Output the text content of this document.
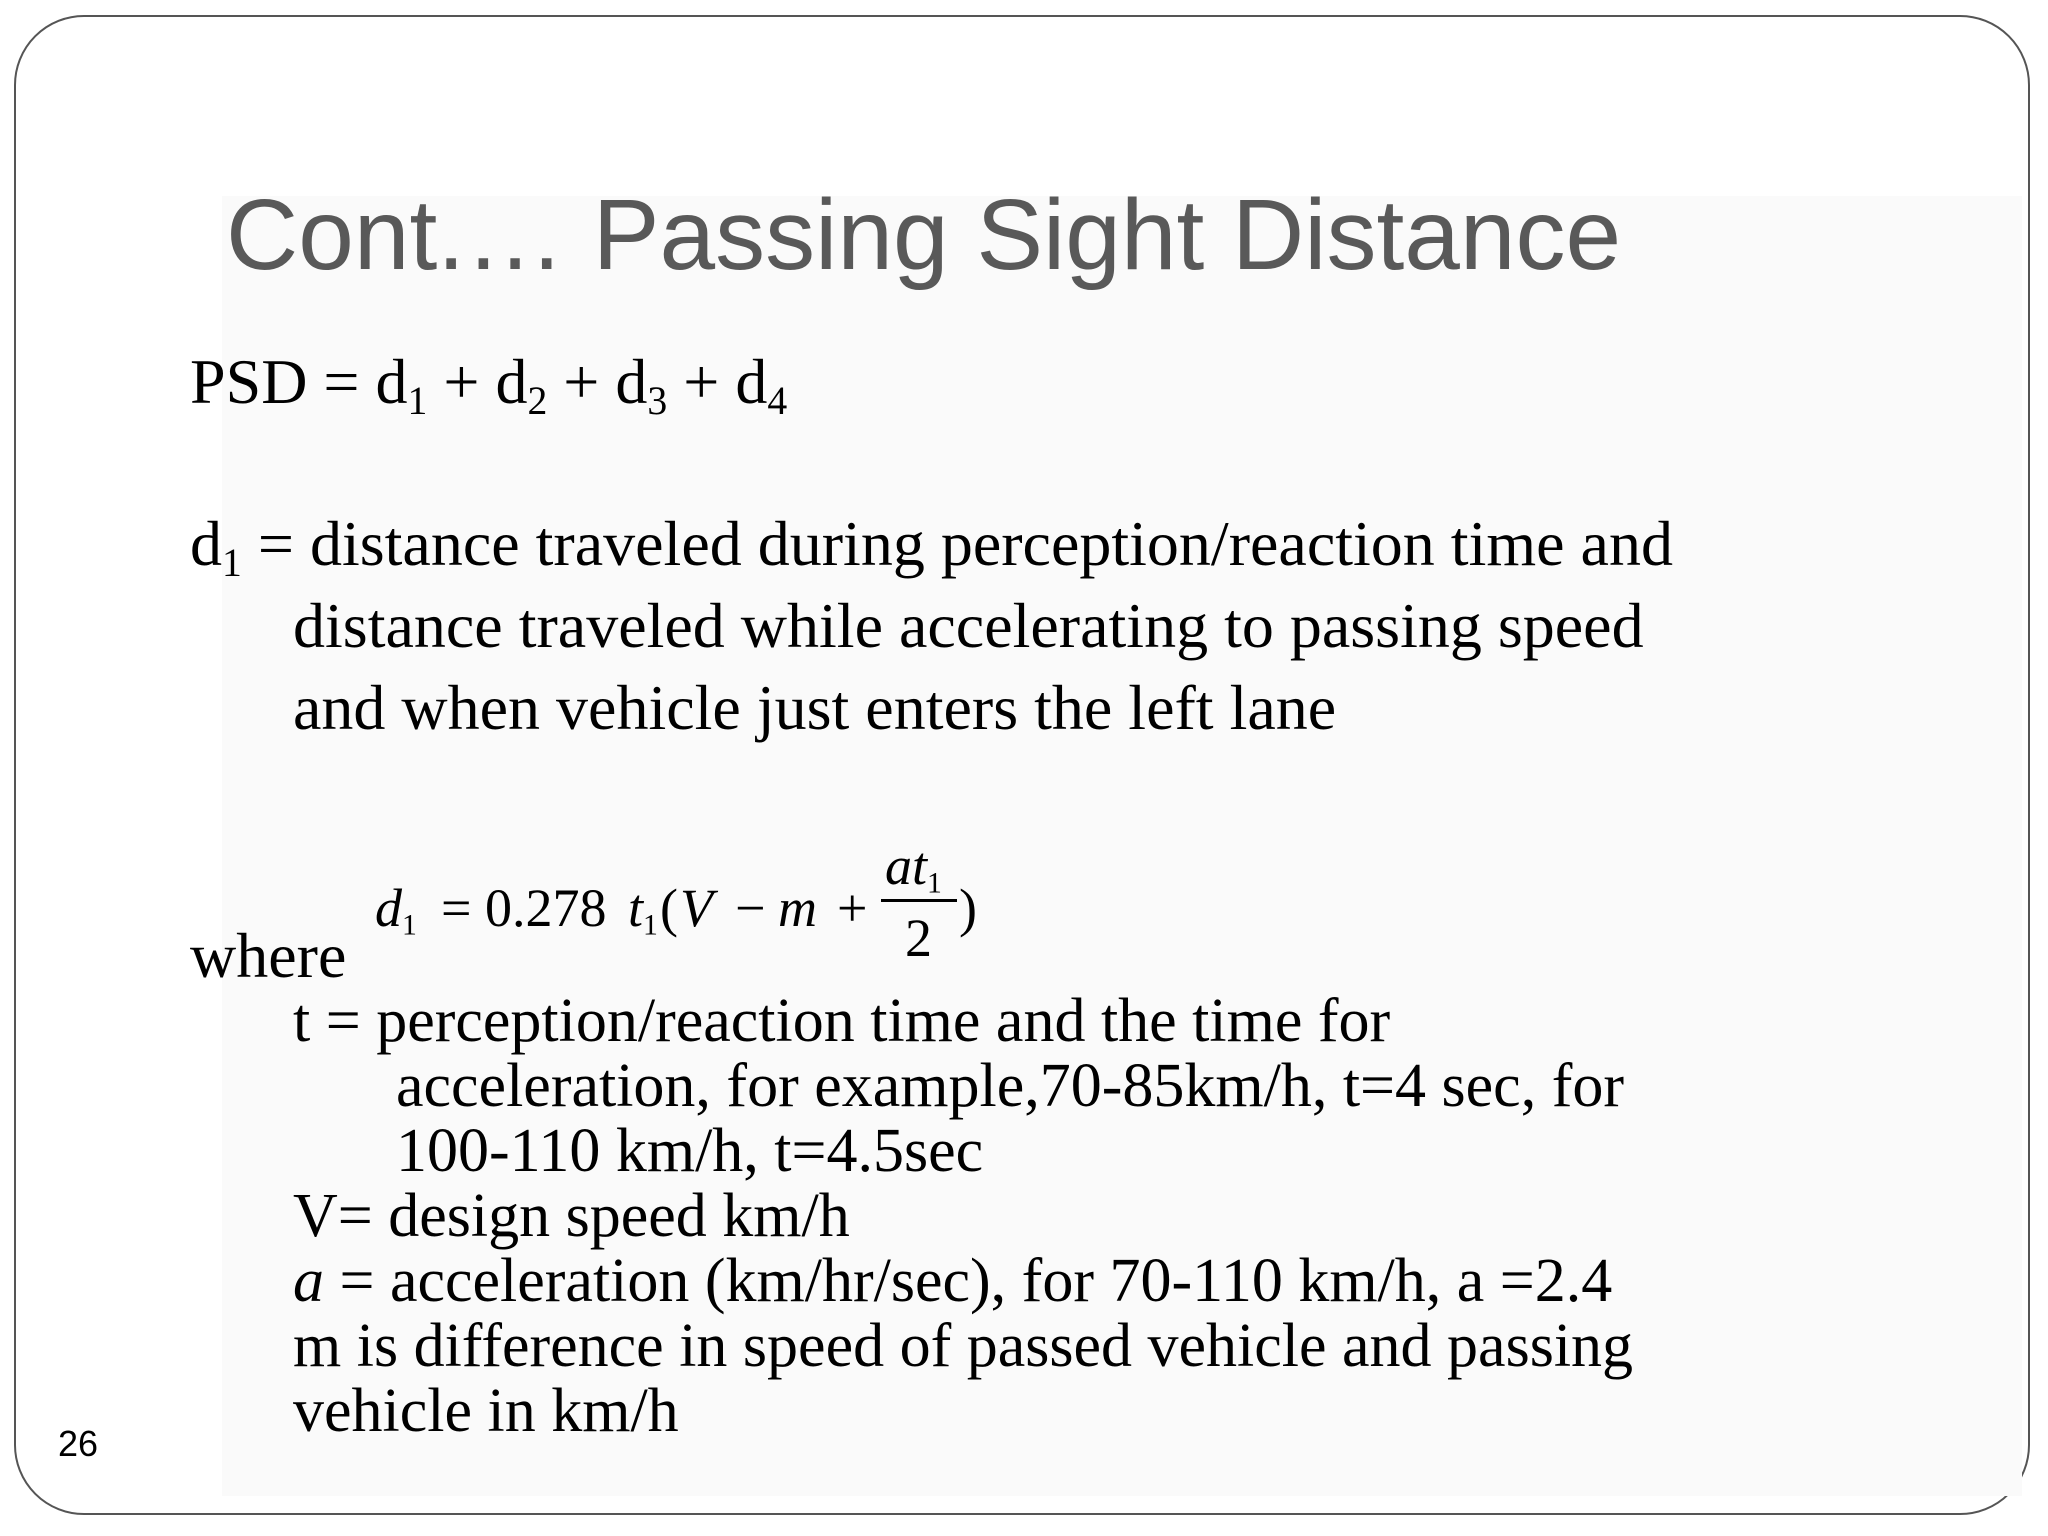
Cont.… Passing Sight Distance
PSD = $d_1 + d_2 + d_3 + d_4$
$d_1$ = distance traveled during perception/reaction time and
distance traveled while accelerating to passing speed
and when vehicle just enters the left lane
$d_1 = 0.278$ $t_1$ ( V − m +
$at_1$
2 )
where
t = perception/reaction time and the time for
acceleration, for example,70-85km/h, t=4 sec, for
100-110 km/h, t=4.5sec
V= design speed km/h
a = acceleration (km/hr/sec), for 70-110 km/h, a =2.4
m is difference in speed of passed vehicle and passing
vehicle in km/h
26
